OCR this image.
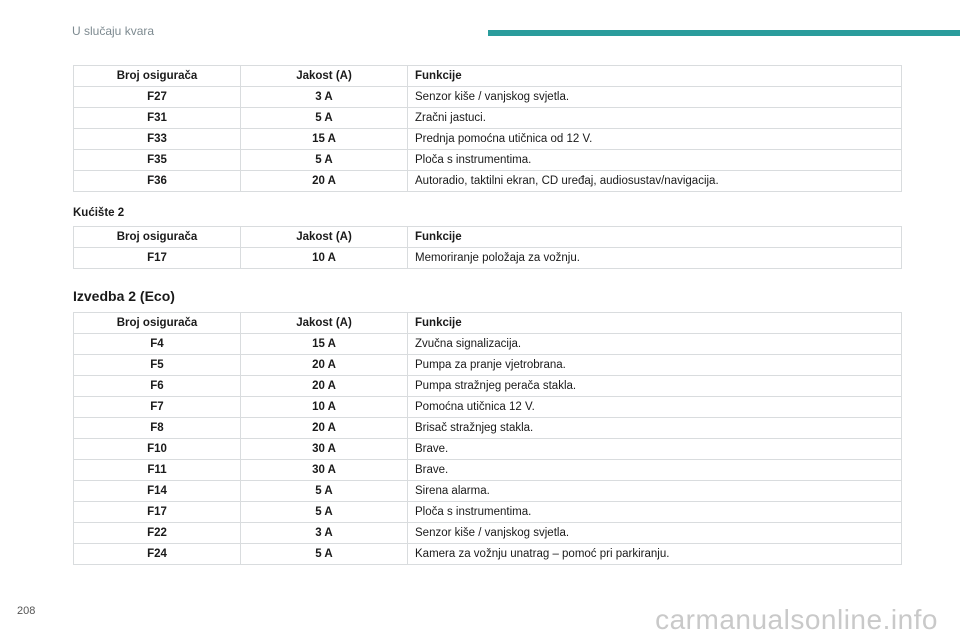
U slučaju kvara
Broj osigurača	Jakost (A)	Funkcije
F27	3 A	Senzor kiše / vanjskog svjetla.
F31	5 A	Zračni jastuci.
F33	15 A	Prednja pomoćna utičnica od 12 V.
F35	5 A	Ploča s instrumentima.
F36	20 A	Autoradio, taktilni ekran, CD uređaj, audiosustav/navigacija.
Kućište 2
Broj osigurača	Jakost (A)	Funkcije
F17	10 A	Memoriranje položaja za vožnju.
Izvedba 2 (Eco)
Broj osigurača	Jakost (A)	Funkcije
F4	15 A	Zvučna signalizacija.
F5	20 A	Pumpa za pranje vjetrobrana.
F6	20 A	Pumpa stražnjeg perača stakla.
F7	10 A	Pomoćna utičnica 12 V.
F8	20 A	Brisač stražnjeg stakla.
F10	30 A	Brave.
F11	30 A	Brave.
F14	5 A	Sirena alarma.
F17	5 A	Ploča s instrumentima.
F22	3 A	Senzor kiše / vanjskog svjetla.
F24	5 A	Kamera za vožnju unatrag – pomoć pri parkiranju.
208	carmanualsonline.info
